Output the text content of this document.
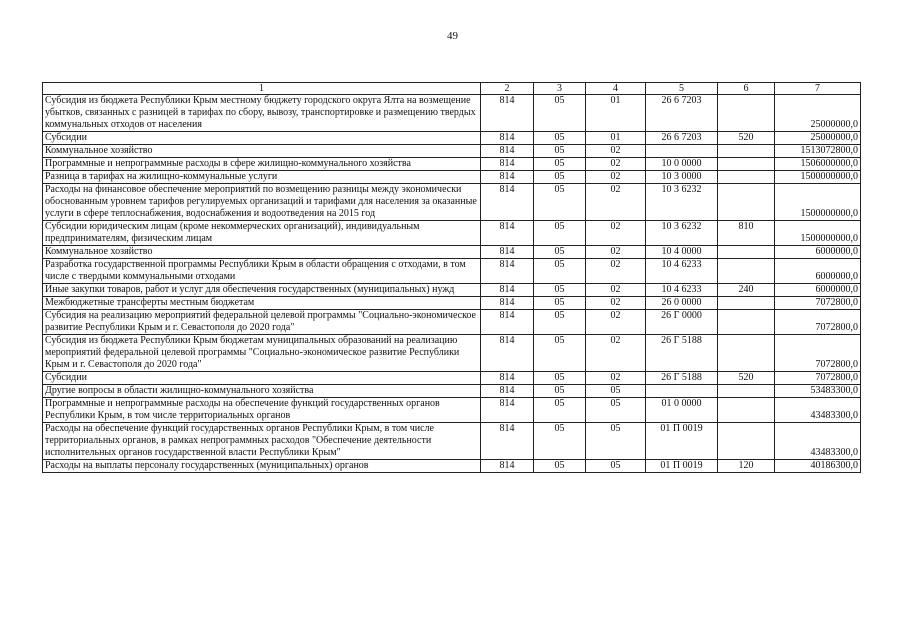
49
1	2	3	4	5	6	7
Субсидия из бюджета Республики Крым местному бюджету городского округа Ялта на возмещение убытков, связанных с разницей в тарифах по сбору, вывозу, транспортировке и размещению твердых коммунальных отходов от населения	814	05	01	26 6 7203		25000000,0
Субсидии	814	05	01	26 6 7203	520	25000000,0
Коммунальное хозяйство	814	05	02			1513072800,0
Программные и непрограммные расходы в сфере жилищно-коммунального хозяйства	814	05	02	10 0 0000		1506000000,0
Разница в тарифах на жилищно-коммунальные услуги	814	05	02	10 3 0000		1500000000,0
Расходы на финансовое обеспечение мероприятий по возмещению разницы между экономически обоснованным уровнем тарифов регулируемых организаций и тарифами для населения за оказанные услуги в сфере теплоснабжения, водоснабжения и водоотведения на 2015 год	814	05	02	10 3 6232		1500000000,0
Субсидии юридическим лицам (кроме некоммерческих организаций), индивидуальным предпринимателям, физическим лицам	814	05	02	10 3 6232	810	1500000000,0
Коммунальное хозяйство	814	05	02	10 4 0000		6000000,0
Разработка государственной программы Республики Крым в области обращения с отходами, в том числе с твердыми коммунальными отходами	814	05	02	10 4 6233		6000000,0
Иные закупки товаров, работ и услуг для обеспечения государственных (муниципальных) нужд	814	05	02	10 4 6233	240	6000000,0
Межбюджетные трансферты местным бюджетам	814	05	02	26 0 0000		7072800,0
Субсидия на реализацию мероприятий федеральной целевой программы "Социально-экономическое развитие Республики Крым и г. Севастополя до 2020 года"	814	05	02	26 Г 0000		7072800,0
Субсидия из бюджета Республики Крым бюджетам муниципальных образований на реализацию мероприятий федеральной целевой программы "Социально-экономическое развитие Республики Крым и г. Севастополя до 2020 года"	814	05	02	26 Г 5188		7072800,0
Субсидии	814	05	02	26 Г 5188	520	7072800,0
Другие вопросы в области жилищно-коммунального хозяйства	814	05	05			53483300,0
Программные и непрограммные расходы на обеспечение функций государственных органов Республики Крым, в том числе территориальных органов	814	05	05	01 0 0000		43483300,0
Расходы на обеспечение функций государственных органов Республики Крым, в том числе территориальных органов, в рамках непрограммных расходов "Обеспечение деятельности исполнительных органов государственной власти Республики Крым"	814	05	05	01 П 0019		43483300,0
Расходы на выплаты персоналу государственных (муниципальных) органов	814	05	05	01 П 0019	120	40186300,0
